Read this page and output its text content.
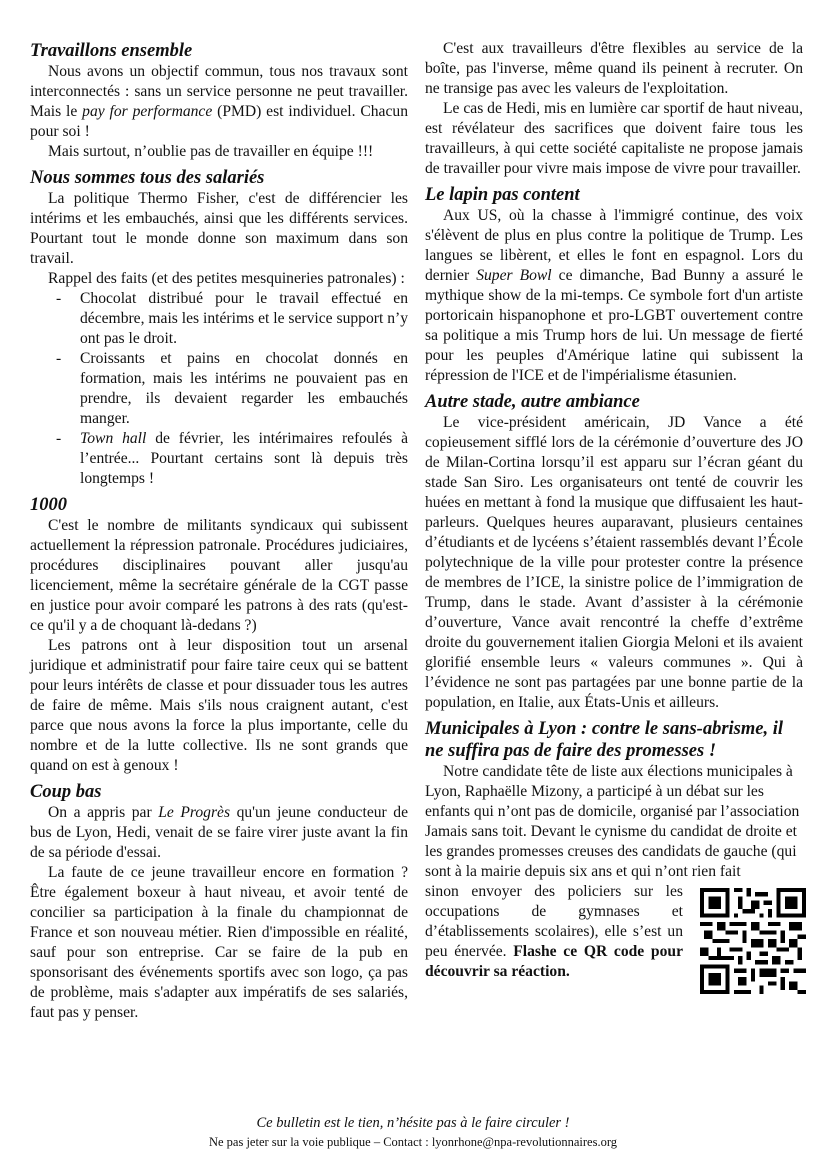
Travaillons ensemble

Nous avons un objectif commun, tous nos travaux sont interconnectés : sans un service personne ne peut travailler. Mais le pay for performance (PMD) est individuel. Chacun pour soi !

Mais surtout, n’oublie pas de travailler en équipe !!!

Nous sommes tous des salariés

La politique Thermo Fisher, c'est de différencier les intérims et les embauchés, ainsi que les différents services. Pourtant tout le monde donne son maximum dans son travail.

Rappel des faits (et des petites mesquineries patronales) :

- Chocolat distribué pour le travail effectué en décembre, mais les intérims et le service support n’y ont pas le droit.
- Croissants et pains en chocolat donnés en formation, mais les intérims ne pouvaient pas en prendre, ils devaient regarder les embauchés manger.
- Town hall de février, les intérimaires refoulés à l’entrée... Pourtant certains sont là depuis très longtemps !
1000

C'est le nombre de militants syndicaux qui subissent actuellement la répression patronale. Procédures judiciaires, procédures disciplinaires pouvant aller jusqu'au licenciement, même la secrétaire générale de la CGT passe en justice pour avoir comparé les patrons à des rats (qu'est-ce qu'il y a de choquant là-dedans ?)

Les patrons ont à leur disposition tout un arsenal juridique et administratif pour faire taire ceux qui se battent pour leurs intérêts de classe et pour dissuader tous les autres de faire de même. Mais s'ils nous craignent autant, c'est parce que nous avons la force la plus importante, celle du nombre et de la lutte collective. Ils ne sont grands que quand on est à genoux !

Coup bas

On a appris par Le Progrès qu'un jeune conducteur de bus de Lyon, Hedi, venait de se faire virer juste avant la fin de sa période d'essai.

La faute de ce jeune travailleur encore en formation ? Être également boxeur à haut niveau, et avoir tenté de concilier sa participation à la finale du championnat de France et son nouveau métier. Rien d'impossible en réalité, sauf pour son entreprise. Car se faire de la pub en sponsorisant des événements sportifs avec son logo, ça pas de problème, mais s'adapter aux impératifs de ses salariés, faut pas y penser.

C'est aux travailleurs d'être flexibles au service de la boîte, pas l'inverse, même quand ils peinent à recruter. On ne transige pas avec les valeurs de l'exploitation.

Le cas de Hedi, mis en lumière car sportif de haut niveau, est révélateur des sacrifices que doivent faire tous les travailleurs, à qui cette société capitaliste ne propose jamais de travailler pour vivre mais impose de vivre pour travailler.

Le lapin pas content

Aux US, où la chasse à l'immigré continue, des voix s'élèvent de plus en plus contre la politique de Trump. Les langues se libèrent, et elles le font en espagnol. Lors du dernier Super Bowl ce dimanche, Bad Bunny a assuré le mythique show de la mi-temps. Ce symbole fort d'un artiste portoricain hispanophone et pro-LGBT ouvertement contre sa politique a mis Trump hors de lui. Un message de fierté pour les peuples d'Amérique latine qui subissent la répression de l'ICE et de l'impérialisme étasunien.

Autre stade, autre ambiance

Le vice-président américain, JD Vance a été copieusement sifflé lors de la cérémonie d’ouverture des JO de Milan-Cortina lorsqu’il est apparu sur l’écran géant du stade San Siro. Les organisateurs ont tenté de couvrir les huées en mettant à fond la musique que diffusaient les haut-parleurs. Quelques heures auparavant, plusieurs centaines d’étudiants et de lycéens s’étaient rassemblés devant l’École polytechnique de la ville pour protester contre la présence de membres de l’ICE, la sinistre police de l’immigration de Trump, dans le stade. Avant d’assister à la cérémonie d’ouverture, Vance avait rencontré la cheffe d’extrême droite du gouvernement italien Giorgia Meloni et ils avaient glorifié ensemble leurs « valeurs communes ». Qui à l’évidence ne sont pas partagées par une bonne partie de la population, en Italie, aux États-Unis et ailleurs.

Municipales à Lyon : contre le sans-abrisme, il ne suffira pas de faire des promesses !

Notre candidate tête de liste aux élections municipales à Lyon, Raphaëlle Mizony, a participé à un débat sur les enfants qui n’ont pas de domicile, organisé par l’association Jamais sans toit. Devant le cynisme du candidat de droite et les grandes promesses creuses des candidats de gauche (qui sont à la mairie depuis six ans et qui n’ont rien fait

sinon envoyer des policiers sur les occupations de gymnases et d’établissements scolaires), elle s’est un peu énervée. Flashe ce QR code pour découvrir sa réaction.

Ce bulletin est le tien, n’hésite pas à le faire circuler !
Ne pas jeter sur la voie publique – Contact : lyonrhone@npa-revolutionnaires.org
